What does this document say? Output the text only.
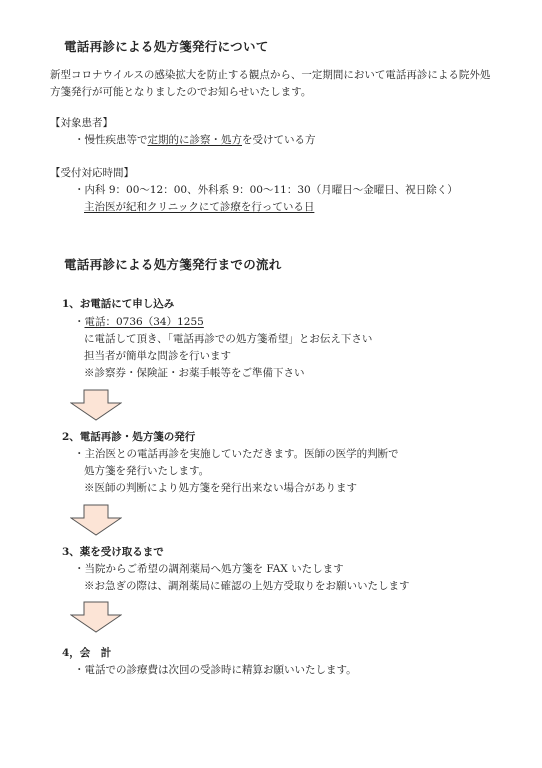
電話再診による処方箋発行について
新型コロナウイルスの感染拡大を防止する観点から、一定期間において電話再診による院外処
方箋発行が可能となりましたのでお知らせいたします。
【対象患者】
・慢性疾患等で定期的に診察・処方を受けている方
【受付対応時間】
・内科 9：00～12：00、外科系 9：00～11：30（月曜日～金曜日、祝日除く）
主治医が紀和クリニックにて診療を行っている日
電話再診による処方箋発行までの流れ
1、お電話にて申し込み
・電話：0736（34）1255
に電話して頂き、「電話再診での処方箋希望」とお伝え下さい
担当者が簡単な問診を行います
※診察券・保険証・お薬手帳等をご準備下さい
2、電話再診・処方箋の発行
・主治医との電話再診を実施していただきます。医師の医学的判断で
処方箋を発行いたします。
※医師の判断により処方箋を発行出来ない場合があります
3、薬を受け取るまで
・当院からご希望の調剤薬局へ処方箋を FAX いたします
※お急ぎの際は、調剤薬局に確認の上処方受取りをお願いいたします
4，会　計
・電話での診療費は次回の受診時に精算お願いいたします。
